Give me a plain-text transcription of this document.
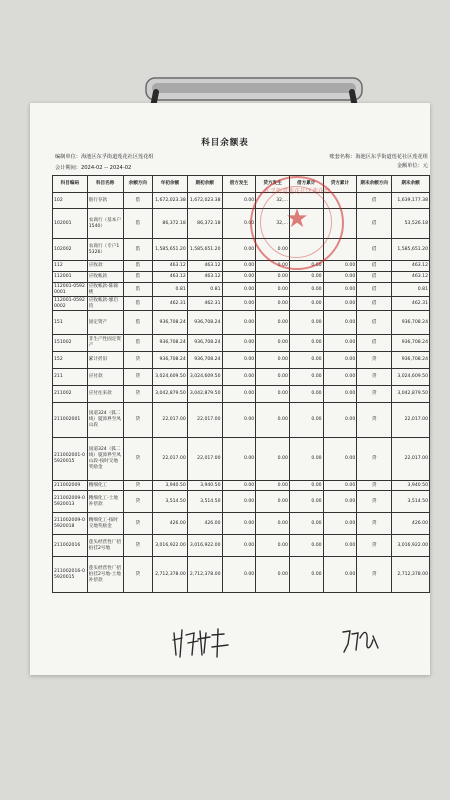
科目余额表
编制单位：海池区东孚街道莲花社区莲花组	账套名称：海池区东孚街道莲花社区莲花组
会计期间：2024-02 -- 2024-02	金额单位：元
科目编码	科目名称	余额方向	年初余额	期初余额	借方发生	贷方发生	借方累计	贷方累计	期末余额方向	期末余额
102	银行存款	借	1,672,023.38	1,672,023.38	0.00	32,...			借	1,639,177.38
102001	农商行（基本户1540）	借	86,372.18	86,372.18	0.00	32,...			借	53,526.18
102002	农商行（专户15326）	借	1,585,651.20	1,585,651.20	0.00	0.00			借	1,585,651.20
112	应收款	借	463.12	463.12	0.00	0.00	0.00	0.00	借	463.12
112001	应收帐款	借	463.12	463.12	0.00	0.00	0.00	0.00	借	463.12
112001-05920001	应收帐款-陈锦桃	借	0.81	0.81	0.00	0.00	0.00	0.00	借	0.81
112001-05920002	应收帐款-廖启钧	借	462.31	462.31	0.00	0.00	0.00	0.00	借	462.31
151	固定资产	借	936,708.24	936,708.24	0.00	0.00	0.00	0.00	借	936,708.24
151002	非生产性固定资产	借	936,708.24	936,708.24	0.00	0.00	0.00	0.00	借	936,708.24
152	累计折旧	贷	936,708.24	936,708.24	0.00	0.00	0.00	0.00	贷	936,708.24
211	应付款	贷	3,024,609.50	3,024,609.50	0.00	0.00	0.00	0.00	贷	3,024,609.50
211002	应付往来款	贷	3,042,879.50	3,042,879.50	0.00	0.00	0.00	0.00	贷	3,042,879.50
211002001	国道324（狐二线）厦漳界至凤山段	贷	22,017.00	22,017.00	0.00	0.00	0.00	0.00	贷	22,017.00
211002001-05920015	国道324（狐二线）厦漳界至凤山段-按时交地奖励金	贷	22,017.00	22,017.00	0.00	0.00	0.00	0.00	贷	22,017.00
211002009	精细化工	贷	3,940.50	3,940.50	0.00	0.00	0.00	0.00	贷	3,940.50
211002009-05920013	精细化工-土地补偿款	贷	3,514.50	3,514.50	0.00	0.00	0.00	0.00	贷	3,514.50
211002009-05920018	精细化工-按时交地奖励金	贷	426.00	426.00	0.00	0.00	0.00	0.00	贷	426.00
211002016	莲头经营性厂招拍挂2号地	贷	3,016,922.00	3,016,922.00	0.00	0.00	0.00	0.00	贷	3,016,922.00
211002016-05920015	莲头经营性厂招拍挂2号地-土地补偿款	贷	2,712,378.00	2,712,378.00	0.00	0.00	0.00	0.00	贷	2,712,378.00
东孚街道莲花社区莲花组
★
